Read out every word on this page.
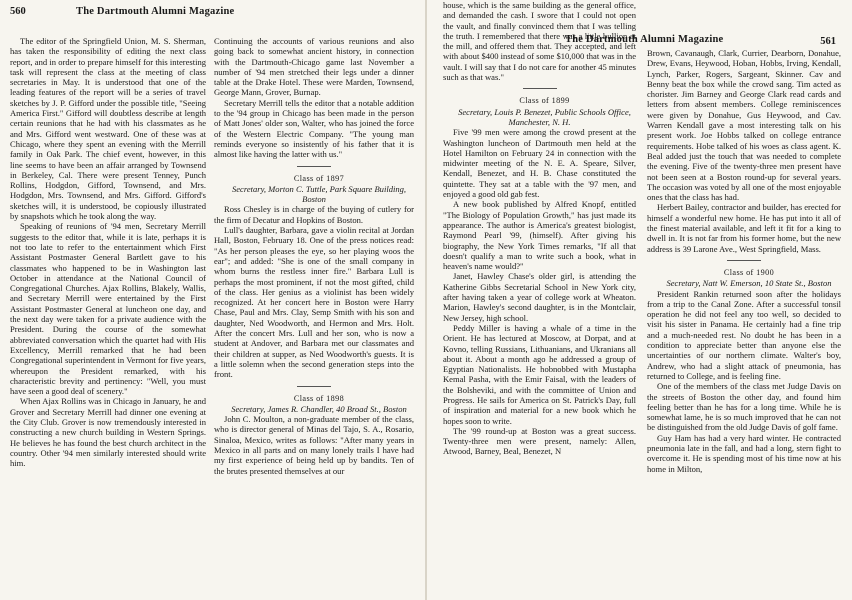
560	The Dartmouth Alumni Magazine

The editor of the Springfield Union, M. S. Sherman, has taken the responsibility of editing the next class report, and in order to prepare himself for this interesting task will represent the class at the meeting of class secretaries in May. It is understood that one of the leading features of the report will be a series of travel sketches by J. P. Gifford under the possible title, "Seeing America First." Gifford will doubtless describe at length certain reunions that he had with his classmates as he and Mrs. Gifford went westward. One of these was at Chicago, where they spent an evening with the Merrill family in Oak Park. The chief event, however, in this line seems to have been an affair arranged by Townsend in Berkeley, Cal. There were present Tenney, Punch Rollins, Hodgdon, Gifford, Townsend, and Mrs. Hodgdon, Mrs. Townsend, and Mrs. Gifford. Gifford's sketches will, it is understood, be copiously illustrated by snapshots which he took along the way.

Speaking of reunions of '94 men, Secretary Merrill suggests to the editor that, while it is late, perhaps it is not too late to refer to the entertainment which First Assistant Postmaster General Bartlett gave to his classmates who happened to be in Washington last October in attendance at the National Council of Congregational Churches. Ajax Rollins, Blakely, Wallis, and Secretary Merrill were entertained by the First Assistant Postmaster General at luncheon one day, and the next day were taken for a private audience with the President. During the course of the somewhat abbreviated conversation which the quartet had with His Excellency, Merrill remarked that he had been Congregational superintendent in Vermont for five years, whereupon the President remarked, with his characteristic brevity and pertinency: "Well, you must have seen a good deal of scenery."

When Ajax Rollins was in Chicago in January, he and Grover and Secretary Merrill had dinner one evening at the City Club. Grover is now tremendously interested in constructing a new church building in Western Springs. He believes he has found the best church architect in the country. Other '94 men similarly interested should write him.

Continuing the accounts of various reunions and also going back to somewhat ancient history, in connection with the Dartmouth-Chicago game last November a number of '94 men stretched their legs under a dinner table at the Drake Hotel. These were Marden, Townsend, George Mann, Grover, Burnap.

Secretary Merrill tells the editor that a notable addition to the '94 group in Chicago has been made in the person of Matt Jones' older son, Walter, who has joined the force of the Western Electric Company. "The young man reminds everyone so insistently of his father that it is almost like having the latter with us."

Class of 1897

Secretary, Morton C. Tuttle, Park Square Building, Boston

Ross Chesley is in charge of the buying of cutlery for the firm of Decatur and Hopkins of Boston.

Lull's daughter, Barbara, gave a violin recital at Jordan Hall, Boston, February 18. One of the press notices read: "As her person pleases the eye, so her playing woos the ear"; and added: "She is one of the small company in whom burns the restless inner fire." Barbara Lull is perhaps the most prominent, if not the most gifted, child of the class. Her genius as a violinist has been widely recognized. At her concert here in Boston were Harry Chase, Paul and Mrs. Clay, Semp Smith with his son and daughter, Ned Woodworth, and Hermon and Mrs. Holt. After the concert Mrs. Lull and her son, who is now a student at Andover, and Barbara met our classmates and their children at supper, as Ned Woodworth's guests. It is a little solemn when the second generation steps into the front.

Class of 1898

Secretary, James R. Chandler, 40 Broad St., Boston

John C. Moulton, a non-graduate member of the class, who is director general of Minas del Tajo, S. A., Rosario, Sinaloa, Mexico, writes as follows: "After many years in Mexico in all parts and on many lonely trails I have had my first experience of being held up by bandits. Ten of the brutes presented themselves at our

house, which is the same building as the general office, and demanded the cash. I swore that I could not open the vault, and finally convinced them that I was telling the truth. I remembered that there was a little bullion at the mill, and offered them that. They accepted, and left with about $400 instead of some $10,000 that was in the vault. I will say that I do not care for another 45 minutes such as that was."

Class of 1899

Secretary, Louis P. Benezet, Public Schools Office, Manchester, N. H.

Five '99 men were among the crowd present at the Washington luncheon of Dartmouth men held at the Hotel Hamilton on February 24 in connection with the midwinter meeting of the N. E. A. Speare, Silver, Kendall, Benezet, and H. B. Chase constituted the quintette. They sat at a table with the '97 men, and enjoyed a good old gab fest.

A new book published by Alfred Knopf, entitled "The Biology of Population Growth," has just made its appearance. The author is America's greatest biologist, Raymond Pearl '99, (himself). After giving his biography, the New York Times remarks, "If all that doesn't qualify a man to write such a book, what in heaven's name would?"

Janet, Hawley Chase's older girl, is attending the Katherine Gibbs Secretarial School in New York city, after having taken a year of college work at Wheaton. Marion, Hawley's second daughter, is in the Montclair, New Jersey, high school.

Peddy Miller is having a whale of a time in the Orient. He has lectured at Moscow, at Dorpat, and at Kovno, telling Russians, Lithuanians, and Ukranians all about it. About a month ago he addressed a group of Egyptian Nationalists. He hobnobbed with Mustapha Kemal Pasha, with the Emir Faisal, with the leaders of the Bolsheviki, and with the committee of Union and Progress. He sails for America on St. Patrick's Day, full of inspiration and material for a new book which he hopes soon to write.

The '99 round-up at Boston was a great success. Twenty-three men were present, namely: Allen, Atwood, Barney, Beal, Benezet, N

Brown, Cavanaugh, Clark, Currier, Dearborn, Donahue, Drew, Evans, Heywood, Hoban, Hobbs, Irving, Kendall, Lynch, Parker, Rogers, Sargeant, Skinner. Cav and Benny beat the box while the crowd sang. Tim acted as chorister. Jim Barney and George Clark read cards and letters from absent members. College reminiscences were given by Donahue, Gus Heywood, and Cav. Warren Kendall gave a most interesting talk on his present work. Joe Hobbs talked on college entrance requirements. Hobe talked of his woes as class agent. K. Beal added just the touch that was needed to complete the evening. Five of the twenty-three men present have not been seen at a Boston round-up for several years. The occasion was voted by all one of the most enjoyable ones that the class has had.

Herbert Bailey, contractor and builder, has erected for himself a wonderful new home. He has put into it all of the finest material available, and left it fit for a king to dwell in. It is not far from his former home, but the new address is 39 Larone Ave., West Springfield, Mass.

Class of 1900

Secretary, Natt W. Emerson, 10 State St., Boston

President Rankin returned soon after the holidays from a trip to the Canal Zone. After a successful tonsil operation he did not feel any too well, so decided to visit his sister in Panama. He certainly had a fine trip and a much-needed rest. No doubt he has been in a condition to appreciate better than anyone else the uncertainties of our northern climate. Walter's boy, Andrew, who had a slight attack of pneumonia, has returned to College, and is feeling fine.

One of the members of the class met Judge Davis on the streets of Boston the other day, and found him feeling better than he has for a long time. While he is somewhat lame, he is so much improved that he can not be distinguished from the old Judge Davis of golf fame.

Guy Ham has had a very hard winter. He contracted pneumonia late in the fall, and had a long, stern fight to overcome it. He is spending most of his time now at his home in Milton,

The Dartmouth Alumni Magazine	561
